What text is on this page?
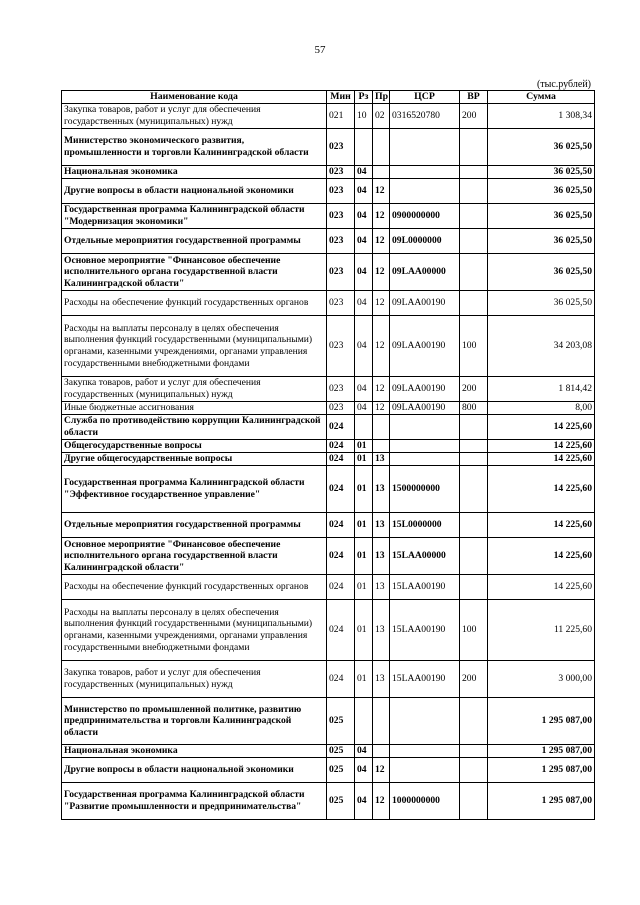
57
(тыс.рублей)
Наименование кода	Мин	Рз	Пр	ЦСР	ВР	Сумма
Закупка товаров, работ и услуг для обеспечения государственных (муниципальных) нужд	021	10	02	0316520780	200	1 308,34
Министерство экономического развития, промышленности и торговли Калининградской области	023					36 025,50
Национальная экономика	023	04				36 025,50
Другие вопросы в области национальной экономики	023	04	12			36 025,50
Государственная программа Калининградской области "Модернизация экономики"	023	04	12	0900000000		36 025,50
Отдельные мероприятия государственной программы	023	04	12	09L0000000		36 025,50
Основное мероприятие "Финансовое обеспечение исполнительного органа государственной власти Калининградской области"	023	04	12	09LAA00000		36 025,50
Расходы на обеспечение функций государственных органов	023	04	12	09LAA00190		36 025,50
Расходы на выплаты персоналу в целях обеспечения выполнения функций государственными (муниципальными) органами, казенными учреждениями, органами управления государственными внебюджетными фондами	023	04	12	09LAA00190	100	34 203,08
Закупка товаров, работ и услуг для обеспечения государственных (муниципальных) нужд	023	04	12	09LAA00190	200	1 814,42
Иные бюджетные ассигнования	023	04	12	09LAA00190	800	8,00
Служба по противодействию коррупции Калининградской области	024					14 225,60
Общегосударственные вопросы	024	01				14 225,60
Другие общегосударственные вопросы	024	01	13			14 225,60
Государственная программа Калининградской области "Эффективное государственное управление"	024	01	13	1500000000		14 225,60
Отдельные мероприятия государственной программы	024	01	13	15L0000000		14 225,60
Основное мероприятие "Финансовое обеспечение исполнительного органа государственной власти Калининградской области"	024	01	13	15LAA00000		14 225,60
Расходы на обеспечение функций государственных органов	024	01	13	15LAA00190		14 225,60
Расходы на выплаты персоналу в целях обеспечения выполнения функций государственными (муниципальными) органами, казенными учреждениями, органами управления государственными внебюджетными фондами	024	01	13	15LAA00190	100	11 225,60
Закупка товаров, работ и услуг для обеспечения государственных (муниципальных) нужд	024	01	13	15LAA00190	200	3 000,00
Министерство по промышленной политике, развитию предпринимательства и торговли Калининградской области	025					1 295 087,00
Национальная экономика	025	04				1 295 087,00
Другие вопросы в области национальной экономики	025	04	12			1 295 087,00
Государственная программа Калининградской области "Развитие промышленности и предпринимательства"	025	04	12	1000000000		1 295 087,00
